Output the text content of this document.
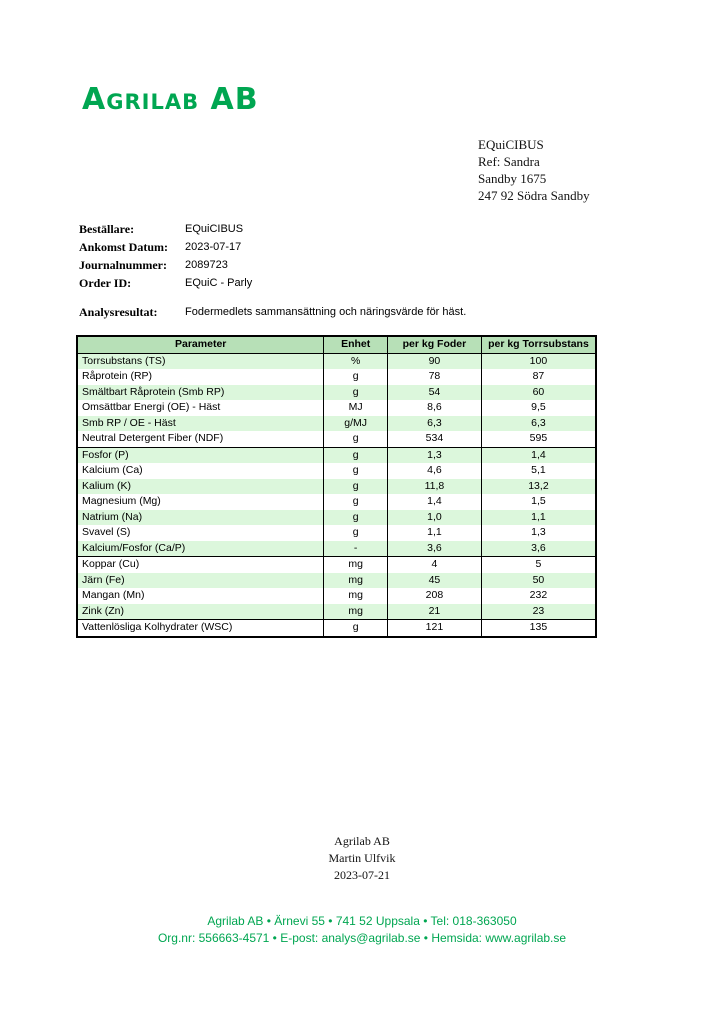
Agrilab AB
EQuiCIBUS
Ref: Sandra
Sandby 1675
247 92 Södra Sandby
Beställare:	EQuiCIBUS
Ankomst Datum:	2023-07-17
Journalnummer:	2089723
Order ID:	EQuiC - Parly
Analysresultat:	Fodermedlets sammansättning och näringsvärde för häst.
Parameter	Enhet	per kg Foder	per kg Torrsubstans
Torrsubstans (TS)	%	90	100
Råprotein (RP)	g	78	87
Smältbart Råprotein (Smb RP)	g	54	60
Omsättbar Energi (OE) - Häst	MJ	8,6	9,5
Smb RP / OE - Häst	g/MJ	6,3	6,3
Neutral Detergent Fiber (NDF)	g	534	595
Fosfor (P)	g	1,3	1,4
Kalcium (Ca)	g	4,6	5,1
Kalium (K)	g	11,8	13,2
Magnesium (Mg)	g	1,4	1,5
Natrium (Na)	g	1,0	1,1
Svavel (S)	g	1,1	1,3
Kalcium/Fosfor (Ca/P)	-	3,6	3,6
Koppar (Cu)	mg	4	5
Järn (Fe)	mg	45	50
Mangan (Mn)	mg	208	232
Zink (Zn)	mg	21	23
Vattenlösliga Kolhydrater (WSC)	g	121	135
Agrilab AB
Martin Ulfvik
2023-07-21
Agrilab AB • Ärnevi 55 • 741 52 Uppsala • Tel: 018-363050
Org.nr: 556663-4571 • E-post: analys@agrilab.se • Hemsida: www.agrilab.se
